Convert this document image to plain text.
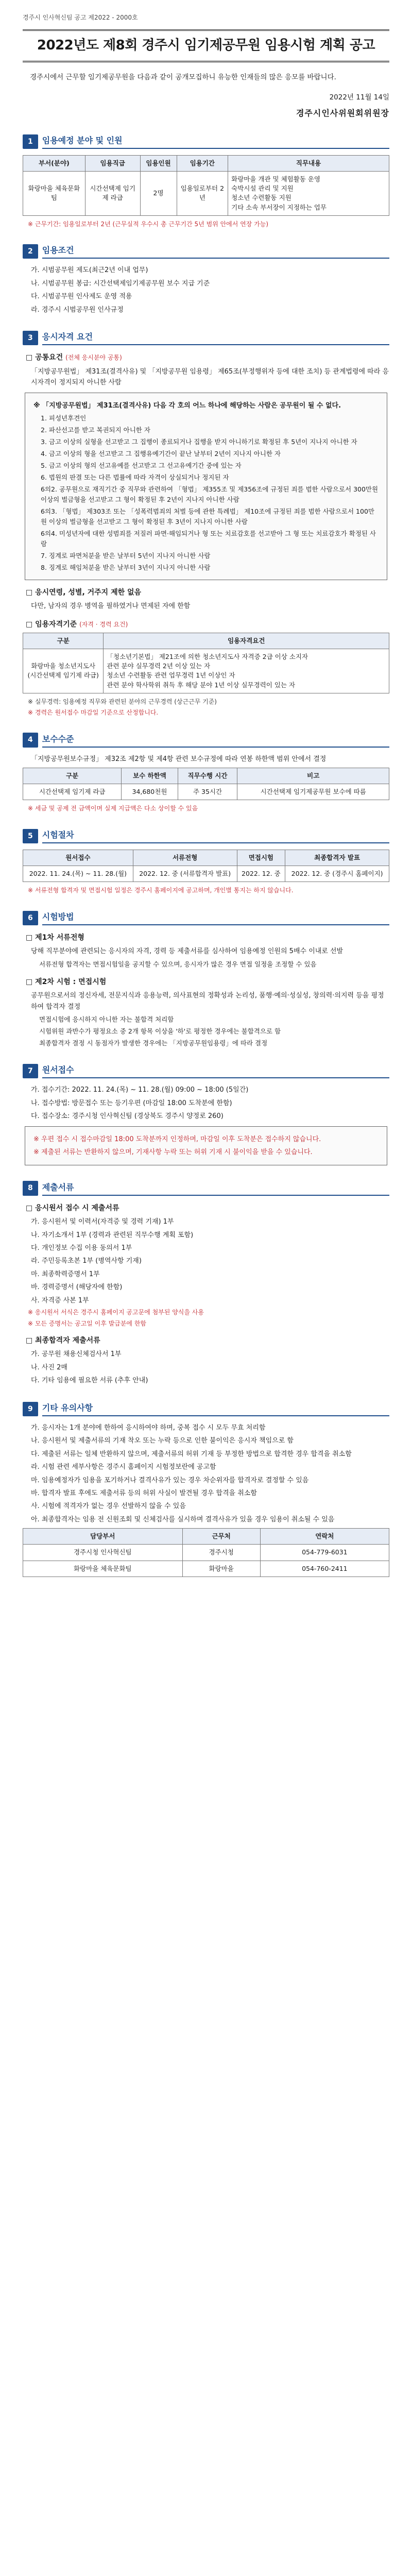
경주시 인사혁신팀 공고 제2022 - 2000호
2022년도 제8회 경주시 임기제공무원 임용시험 계획 공고
경주시에서 근무할 임기제공무원을 다음과 같이 공개모집하니 유능한 인재들의 많은 응모를 바랍니다.
2022년 11월 14일
경주시인사위원회위원장
1	임용예정 분야 및 인원
부서(분야)	임용직급	임용인원	임용기간	직무내용
화랑마을 체육문화팀	시간선택제 임기제 라급	2명	임용일로부터 2년	화랑마을 개관 및 체험활동 운영
숙박시설 관리 및 지원
청소년 수련활동 지원
기타 소속 부서장이 지정하는 업무
※ 근무기간: 임용일로부터 2년 (근무실적 우수시 총 근무기간 5년 범위 안에서 연장 가능)
2	임용조건
가. 시범공무원 제도(최근2년 이내 업무)
나. 시범공무원 봉급: 시간선택제임기제공무원 보수 지급 기준
다. 시범공무원 인사제도 운영 적용
라. 경주시 시범공무원 인사규정
3	응시자격 요건
□ 공통요건 (전체 응시분야 공통)
「지방공무원법」 제31조(결격사유) 및 「지방공무원 임용령」 제65조(부정행위자 등에 대한 조치) 등 관계법령에 따라 응시자격이 정지되지 아니한 사람
※ 「지방공무원법」 제31조(결격사유) 다음 각 호의 어느 하나에 해당하는 사람은 공무원이 될 수 없다.
1. 피성년후견인
2. 파산선고를 받고 복권되지 아니한 자
3. 금고 이상의 실형을 선고받고 그 집행이 종료되거나 집행을 받지 아니하기로 확정된 후 5년이 지나지 아니한 자
4. 금고 이상의 형을 선고받고 그 집행유예기간이 끝난 날부터 2년이 지나지 아니한 자
5. 금고 이상의 형의 선고유예를 선고받고 그 선고유예기간 중에 있는 자
6. 법원의 판결 또는 다른 법률에 따라 자격이 상실되거나 정지된 자
6의2. 공무원으로 재직기간 중 직무와 관련하여 「형법」 제355조 및 제356조에 규정된 죄를 범한 사람으로서 300만원 이상의 벌금형을 선고받고 그 형이 확정된 후 2년이 지나지 아니한 사람
6의3. 「형법」 제303조 또는 「성폭력범죄의 처벌 등에 관한 특례법」 제10조에 규정된 죄를 범한 사람으로서 100만원 이상의 벌금형을 선고받고 그 형이 확정된 후 3년이 지나지 아니한 사람
6의4. 미성년자에 대한 성범죄를 저질러 파면·해임되거나 형 또는 치료감호를 선고받아 그 형 또는 치료감호가 확정된 사람
7. 징계로 파면처분을 받은 날부터 5년이 지나지 아니한 사람
8. 징계로 해임처분을 받은 날부터 3년이 지나지 아니한 사람
□ 응시연령, 성별, 거주지 제한 없음
다만, 남자의 경우 병역을 필하였거나 면제된 자에 한함
□ 임용자격기준 (자격 · 경력 요건)
구분	임용자격요건
화랑마을 청소년지도사 (시간선택제 임기제 라급)	「청소년기본법」 제21조에 의한 청소년지도사 자격증 2급 이상 소지자
관련 분야 실무경력 2년 이상 있는 자
청소년 수련활동 관련 업무경력 1년 이상인 자
관련 분야 학사학위 취득 후 해당 분야 1년 이상 실무경력이 있는 자
※ 실무경력: 임용예정 직무와 관련된 분야의 근무경력 (상근근무 기준)
※ 경력은 원서접수 마감일 기준으로 산정합니다.
4	보수수준
「지방공무원보수규정」 제32조 제2항 및 제4항 관련 보수규정에 따라 연봉 하한액 범위 안에서 결정
구분	보수 하한액	직무수행 시간	비고
시간선택제 임기제 라급	34,680천원	주 35시간	시간선택제 임기제공무원 보수에 따름
※ 세금 및 공제 전 금액이며 실제 지급액은 다소 상이할 수 있음
5	시험절차
원서접수	서류전형	면접시험	최종합격자 발표
2022. 11. 24.(목) ~ 11. 28.(월)	2022. 12. 중 (서류합격자 발표)	2022. 12. 중	2022. 12. 중 (경주시 홈페이지)
※ 서류전형 합격자 및 면접시험 일정은 경주시 홈페이지에 공고하며, 개인별 통지는 하지 않습니다.
6	시험방법
□ 제1차 서류전형
당해 직무분야에 관련되는 응시자의 자격, 경력 등 제출서류를 심사하여 임용예정 인원의 5배수 이내로 선발
서류전형 합격자는 면접시험일을 공지할 수 있으며, 응시자가 많은 경우 면접 일정을 조정할 수 있음
□ 제2차 시험 : 면접시험
공무원으로서의 정신자세, 전문지식과 응용능력, 의사표현의 정확성과 논리성, 품행·예의·성실성, 창의력·의지력 등을 평정하여 합격자 결정
면접시험에 응시하지 아니한 자는 불합격 처리함
시험위원 과반수가 평정요소 중 2개 항목 이상을 '하'로 평정한 경우에는 불합격으로 함
최종합격자 결정 시 동점자가 발생한 경우에는 「지방공무원임용령」에 따라 결정
7	원서접수
가. 접수기간: 2022. 11. 24.(목) ~ 11. 28.(월) 09:00 ~ 18:00 (5일간)
나. 접수방법: 방문접수 또는 등기우편 (마감일 18:00 도착분에 한함)
다. 접수장소: 경주시청 인사혁신팀 (경상북도 경주시 양정로 260)
※ 우편 접수 시 접수마감일 18:00 도착분까지 인정하며, 마감일 이후 도착분은 접수하지 않습니다.
※ 제출된 서류는 반환하지 않으며, 기재사항 누락 또는 허위 기재 시 불이익을 받을 수 있습니다.
8	제출서류
□ 응시원서 접수 시 제출서류
가. 응시원서 및 이력서(자격증 및 경력 기재) 1부
나. 자기소개서 1부 (경력과 관련된 직무수행 계획 포함)
다. 개인정보 수집 이용 동의서 1부
라. 주민등록초본 1부 (병역사항 기재)
마. 최종학력증명서 1부
바. 경력증명서 (해당자에 한함)
사. 자격증 사본 1부
※ 응시원서 서식은 경주시 홈페이지 공고문에 첨부된 양식을 사용
※ 모든 증명서는 공고일 이후 발급분에 한함
□ 최종합격자 제출서류
가. 공무원 채용신체검사서 1부
나. 사진 2매
다. 기타 임용에 필요한 서류 (추후 안내)
9	기타 유의사항
가. 응시자는 1개 분야에 한하여 응시하여야 하며, 중복 접수 시 모두 무효 처리함
나. 응시원서 및 제출서류의 기재 착오 또는 누락 등으로 인한 불이익은 응시자 책임으로 함
다. 제출된 서류는 일체 반환하지 않으며, 제출서류의 허위 기재 등 부정한 방법으로 합격한 경우 합격을 취소함
라. 시험 관련 세부사항은 경주시 홈페이지 시험정보란에 공고함
마. 임용예정자가 임용을 포기하거나 결격사유가 있는 경우 차순위자를 합격자로 결정할 수 있음
바. 합격자 발표 후에도 제출서류 등의 허위 사실이 발견될 경우 합격을 취소함
사. 시험에 적격자가 없는 경우 선발하지 않을 수 있음
아. 최종합격자는 임용 전 신원조회 및 신체검사를 실시하며 결격사유가 있을 경우 임용이 취소될 수 있음
담당부서	근무처	연락처
경주시청 인사혁신팀	경주시청	054-779-6031
화랑마을 체육문화팀	화랑마을	054-760-2411
